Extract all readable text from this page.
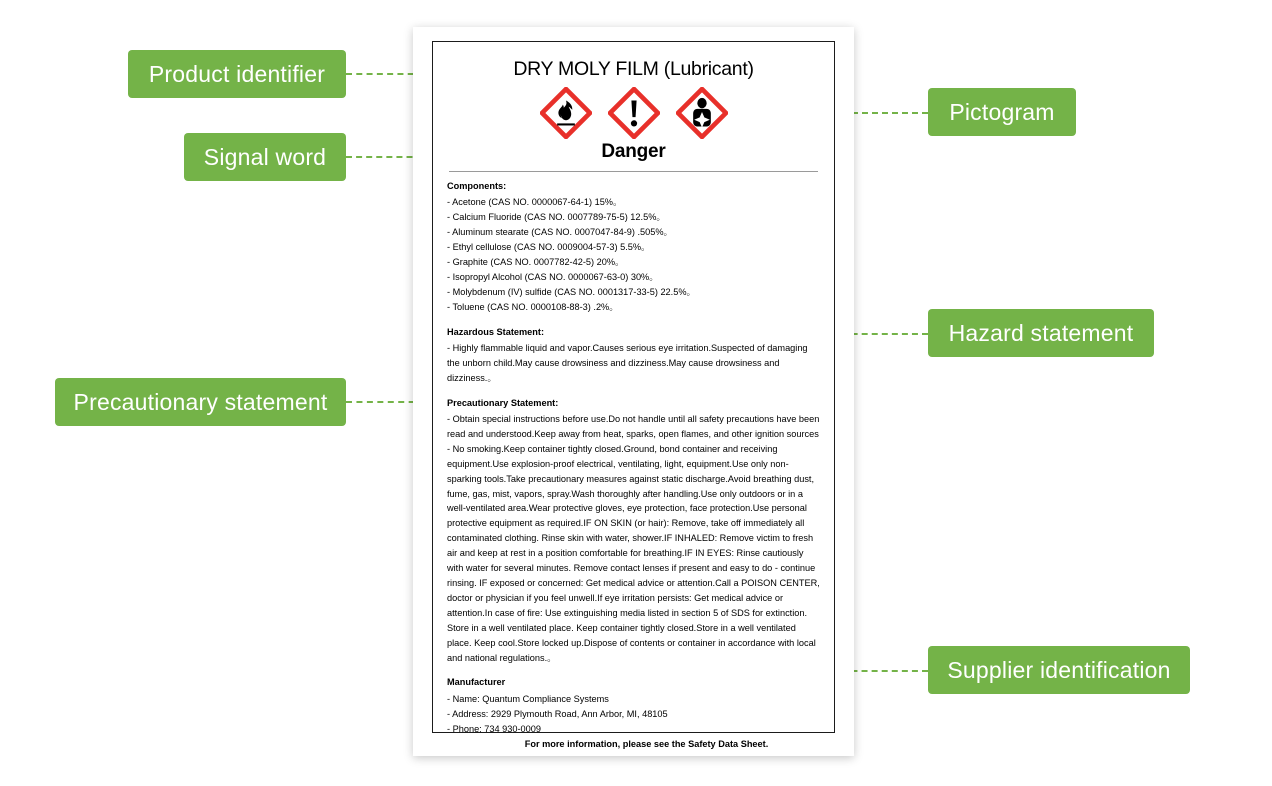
Product identifier
Signal word
Precautionary statement
Pictogram
Hazard statement
Supplier identification
DRY MOLY FILM (Lubricant)
Danger
Components:
- Acetone (CAS NO. 0000067-64-1) 15%。
- Calcium Fluoride (CAS NO. 0007789-75-5) 12.5%。
- Aluminum stearate (CAS NO. 0007047-84-9) .505%。
- Ethyl cellulose (CAS NO. 0009004-57-3) 5.5%。
- Graphite (CAS NO. 0007782-42-5) 20%。
- Isopropyl Alcohol (CAS NO. 0000067-63-0) 30%。
- Molybdenum (IV) sulfide (CAS NO. 0001317-33-5) 22.5%。
- Toluene (CAS NO. 0000108-88-3) .2%。
Hazardous Statement:
- Highly flammable liquid and vapor.Causes serious eye irritation.Suspected of damaging the unborn child.May cause drowsiness and dizziness.May cause drowsiness and dizziness.。
Precautionary Statement:
- Obtain special instructions before use.Do not handle until all safety precautions have been read and understood.Keep away from heat, sparks, open flames, and other ignition sources - No smoking.Keep container tightly closed.Ground, bond container and receiving equipment.Use explosion-proof electrical, ventilating, light, equipment.Use only non-sparking tools.Take precautionary measures against static discharge.Avoid breathing dust, fume, gas, mist, vapors, spray.Wash thoroughly after handling.Use only outdoors or in a well-ventilated area.Wear protective gloves, eye protection, face protection.Use personal protective equipment as required.IF ON SKIN (or hair): Remove, take off immediately all contaminated clothing. Rinse skin with water, shower.IF INHALED: Remove victim to fresh air and keep at rest in a position comfortable for breathing.IF IN EYES: Rinse cautiously with water for several minutes. Remove contact lenses if present and easy to do - continue rinsing. IF exposed or concerned: Get medical advice or attention.Call a POISON CENTER, doctor or physician if you feel unwell.If eye irritation persists: Get medical advice or attention.In case of fire: Use extinguishing media listed in section 5 of SDS for extinction. Store in a well ventilated place. Keep container tightly closed.Store in a well ventilated place. Keep cool.Store locked up.Dispose of contents or container in accordance with local and national regulations.。
Manufacturer
- Name: Quantum Compliance Systems
- Address: 2929 Plymouth Road, Ann Arbor, MI, 48105
- Phone: 734 930-0009
For more information, please see the Safety Data Sheet.
